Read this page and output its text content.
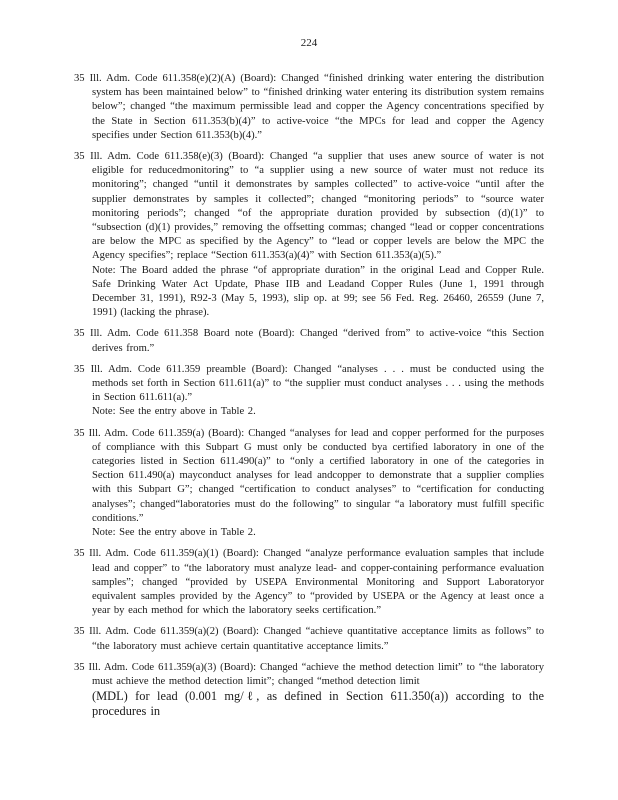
224

35 Ill. Adm. Code 611.358(e)(2)(A) (Board): Changed “finished drinking water entering the distribution system has been maintained below” to “finished drinking water entering its distribution system remains below”; changed “the maximum permissible lead and copper the Agency concentrations specified by the State in Section 611.353(b)(4)” to active-voice “the MPCs for lead and copper the Agency specifies under Section 611.353(b)(4).”

35 Ill. Adm. Code 611.358(e)(3) (Board): Changed “a supplier that uses anew source of water is not eligible for reducedmonitoring” to “a supplier using a new source of water must not reduce its monitoring”; changed “until it demonstrates by samples collected” to active-voice “until after the supplier demonstrates by samples it collected”; changed “monitoring periods” to “source water monitoring periods”; changed “of the appropriate duration provided by subsection (d)(1)” to “subsection (d)(1) provides,” removing the offsetting commas; changed “lead or copper concentrations are below the MPC as specified by the Agency” to “lead or copper levels are below the MPC the Agency specifies”; replace “Section 611.353(a)(4)” with Section 611.353(a)(5).”
Note: The Board added the phrase “of appropriate duration” in the original Lead and Copper Rule. Safe Drinking Water Act Update, Phase IIB and Leadand Copper Rules (June 1, 1991 through December 31, 1991), R92-3 (May 5, 1993), slip op. at 99; see 56 Fed. Reg. 26460, 26559 (June 7, 1991) (lacking the phrase).

35 Ill. Adm. Code 611.358 Board note (Board): Changed “derived from” to active-voice “this Section derives from.”

35 Ill. Adm. Code 611.359 preamble (Board): Changed “analyses . . . must be conducted using the methods set forth in Section 611.611(a)” to “the supplier must conduct analyses . . . using the methods in Section 611.611(a).”
Note: See the entry above in Table 2.

35 Ill. Adm. Code 611.359(a) (Board): Changed “analyses for lead and copper performed for the purposes of compliance with this Subpart G must only be conducted bya certified laboratory in one of the categories listed in Section 611.490(a)” to “only a certified laboratory in one of the categories in Section 611.490(a) mayconduct analyses for lead andcopper to demonstrate that a supplier complies with this Subpart G”; changed “certification to conduct analyses” to “certification for conducting analyses”; changed“laboratories must do the following” to singular “a laboratory must fulfill specific conditions.”
Note: See the entry above in Table 2.

35 Ill. Adm. Code 611.359(a)(1) (Board): Changed “analyze performance evaluation samples that include lead and copper” to “the laboratory must analyze lead- and copper-containing performance evaluation samples”; changed “provided by USEPA Environmental Monitoring and Support Laboratoryor equivalent samples provided by the Agency” to “provided by USEPA or the Agency at least once a year by each method for which the laboratory seeks certification.”

35 Ill. Adm. Code 611.359(a)(2) (Board): Changed “achieve quantitative acceptance limits as follows” to “the laboratory must achieve certain quantitative acceptance limits.”

35 Ill. Adm. Code 611.359(a)(3) (Board): Changed “achieve the method detection limit” to “the laboratory must achieve the method detection limit”; changed “method detection limit
(MDL) for lead (0.001 mg/ℓ, as defined in Section 611.350(a)) according to the procedures in
